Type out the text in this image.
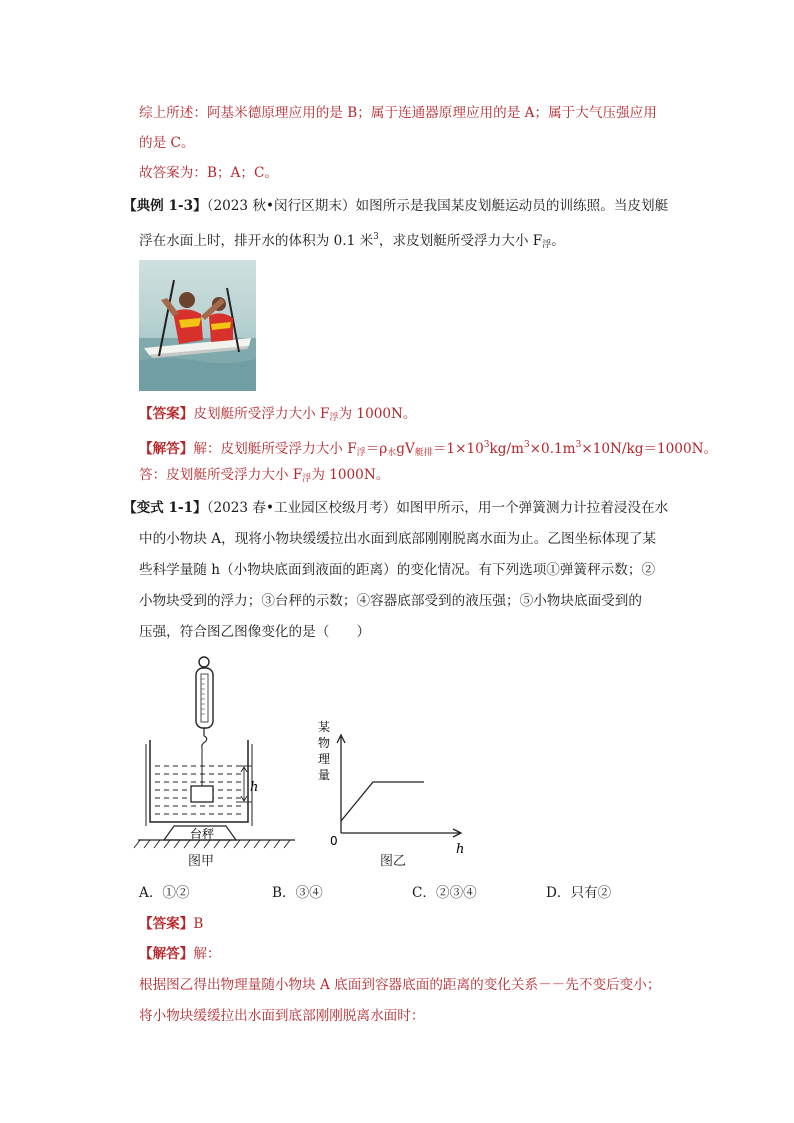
综上所述：阿基米德原理应用的是 B；属于连通器原理应用的是 A；属于大气压强应用
的是 C。
故答案为：B；A；C。
【典例 1-3】（2023 秋•闵行区期末）如图所示是我国某皮划艇运动员的训练照。当皮划艇
浮在水面上时，排开水的体积为 0.1 米$^3$，求皮划艇所受浮力大小 $F_浮$。
【答案】皮划艇所受浮力大小 $F_浮$为 1000N。
【解答】解：皮划艇所受浮力大小 $F_浮=\rho_水gV_{艇排}=1\times 10^3kg/m^3\times 0.1m^3\times 10N/kg=1000N$。
答：皮划艇所受浮力大小 $F_浮$为 1000N。
【变式 1-1】（2023 春•工业园区校级月考）如图甲所示，用一个弹簧测力计拉着浸没在水
中的小物块 A，现将小物块缓缓拉出水面到底部刚刚脱离水面为止。乙图坐标体现了某
些科学量随 h（小物块底面到液面的距离）的变化情况。有下列选项①弹簧秤示数；②
小物块受到的浮力；③台秤的示数；④容器底部受到的液压强；⑤小物块底面受到的
压强，符合图乙图像变化的是（　　）
h
台秤
图甲
某
物
理
量
0
h
图乙
A．①②	B．③④	C．②③④	D．只有②
【答案】B
【解答】解：
根据图乙得出物理量随小物块 A 底面到容器底面的距离的变化关系－－先不变后变小；
将小物块缓缓拉出水面到底部刚刚脱离水面时：
